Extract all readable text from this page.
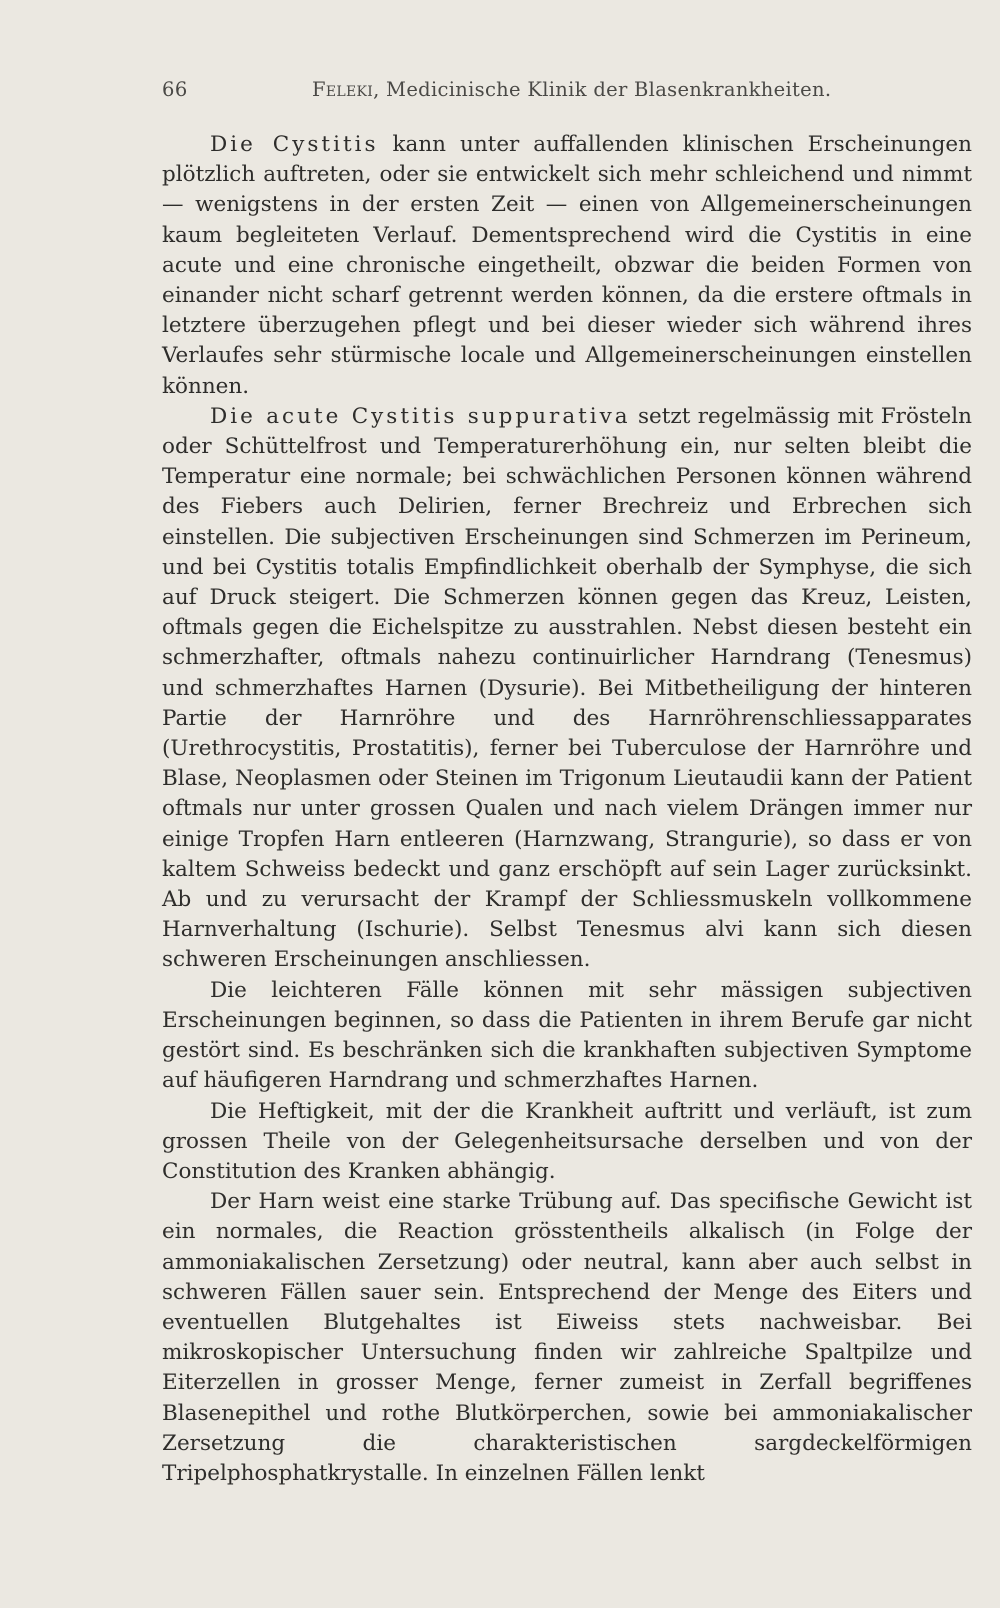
66	Feleki, Medicinische Klinik der Blasenkrankheiten.

Die Cystitis kann unter auffallenden klinischen Erscheinungen plötzlich auftreten, oder sie entwickelt sich mehr schleichend und nimmt — wenigstens in der ersten Zeit — einen von Allgemeinerscheinungen kaum begleiteten Verlauf. Dementsprechend wird die Cystitis in eine acute und eine chronische eingetheilt, obzwar die beiden Formen von einander nicht scharf getrennt werden können, da die erstere oftmals in letztere überzugehen pflegt und bei dieser wieder sich während ihres Verlaufes sehr stürmische locale und Allgemeinerscheinungen einstellen können.

Die acute Cystitis suppurativa setzt regelmässig mit Frösteln oder Schüttelfrost und Temperaturerhöhung ein, nur selten bleibt die Temperatur eine normale; bei schwächlichen Personen können während des Fiebers auch Delirien, ferner Brechreiz und Erbrechen sich einstellen. Die subjectiven Erscheinungen sind Schmerzen im Perineum, und bei Cystitis totalis Empfindlichkeit oberhalb der Symphyse, die sich auf Druck steigert. Die Schmerzen können gegen das Kreuz, Leisten, oftmals gegen die Eichelspitze zu ausstrahlen. Nebst diesen besteht ein schmerzhafter, oftmals nahezu continuirlicher Harndrang (Tenesmus) und schmerzhaftes Harnen (Dysurie). Bei Mitbetheiligung der hinteren Partie der Harnröhre und des Harnröhrenschliessapparates (Urethrocystitis, Prostatitis), ferner bei Tuberculose der Harnröhre und Blase, Neoplasmen oder Steinen im Trigonum Lieutaudii kann der Patient oftmals nur unter grossen Qualen und nach vielem Drängen immer nur einige Tropfen Harn entleeren (Harnzwang, Strangurie), so dass er von kaltem Schweiss bedeckt und ganz erschöpft auf sein Lager zurücksinkt. Ab und zu verursacht der Krampf der Schliessmuskeln vollkommene Harnverhaltung (Ischurie). Selbst Tenesmus alvi kann sich diesen schweren Erscheinungen anschliessen.

Die leichteren Fälle können mit sehr mässigen subjectiven Erscheinungen beginnen, so dass die Patienten in ihrem Berufe gar nicht gestört sind. Es beschränken sich die krankhaften subjectiven Symptome auf häufigeren Harndrang und schmerzhaftes Harnen.

Die Heftigkeit, mit der die Krankheit auftritt und verläuft, ist zum grossen Theile von der Gelegenheitsursache derselben und von der Constitution des Kranken abhängig.

Der Harn weist eine starke Trübung auf. Das specifische Gewicht ist ein normales, die Reaction grösstentheils alkalisch (in Folge der ammoniakalischen Zersetzung) oder neutral, kann aber auch selbst in schweren Fällen sauer sein. Entsprechend der Menge des Eiters und eventuellen Blutgehaltes ist Eiweiss stets nachweisbar. Bei mikroskopischer Untersuchung finden wir zahlreiche Spaltpilze und Eiterzellen in grosser Menge, ferner zumeist in Zerfall begriffenes Blasenepithel und rothe Blutkörperchen, sowie bei ammoniakalischer Zersetzung die charakteristischen sargdeckelförmigen Tripelphosphatkrystalle. In einzelnen Fällen lenkt
